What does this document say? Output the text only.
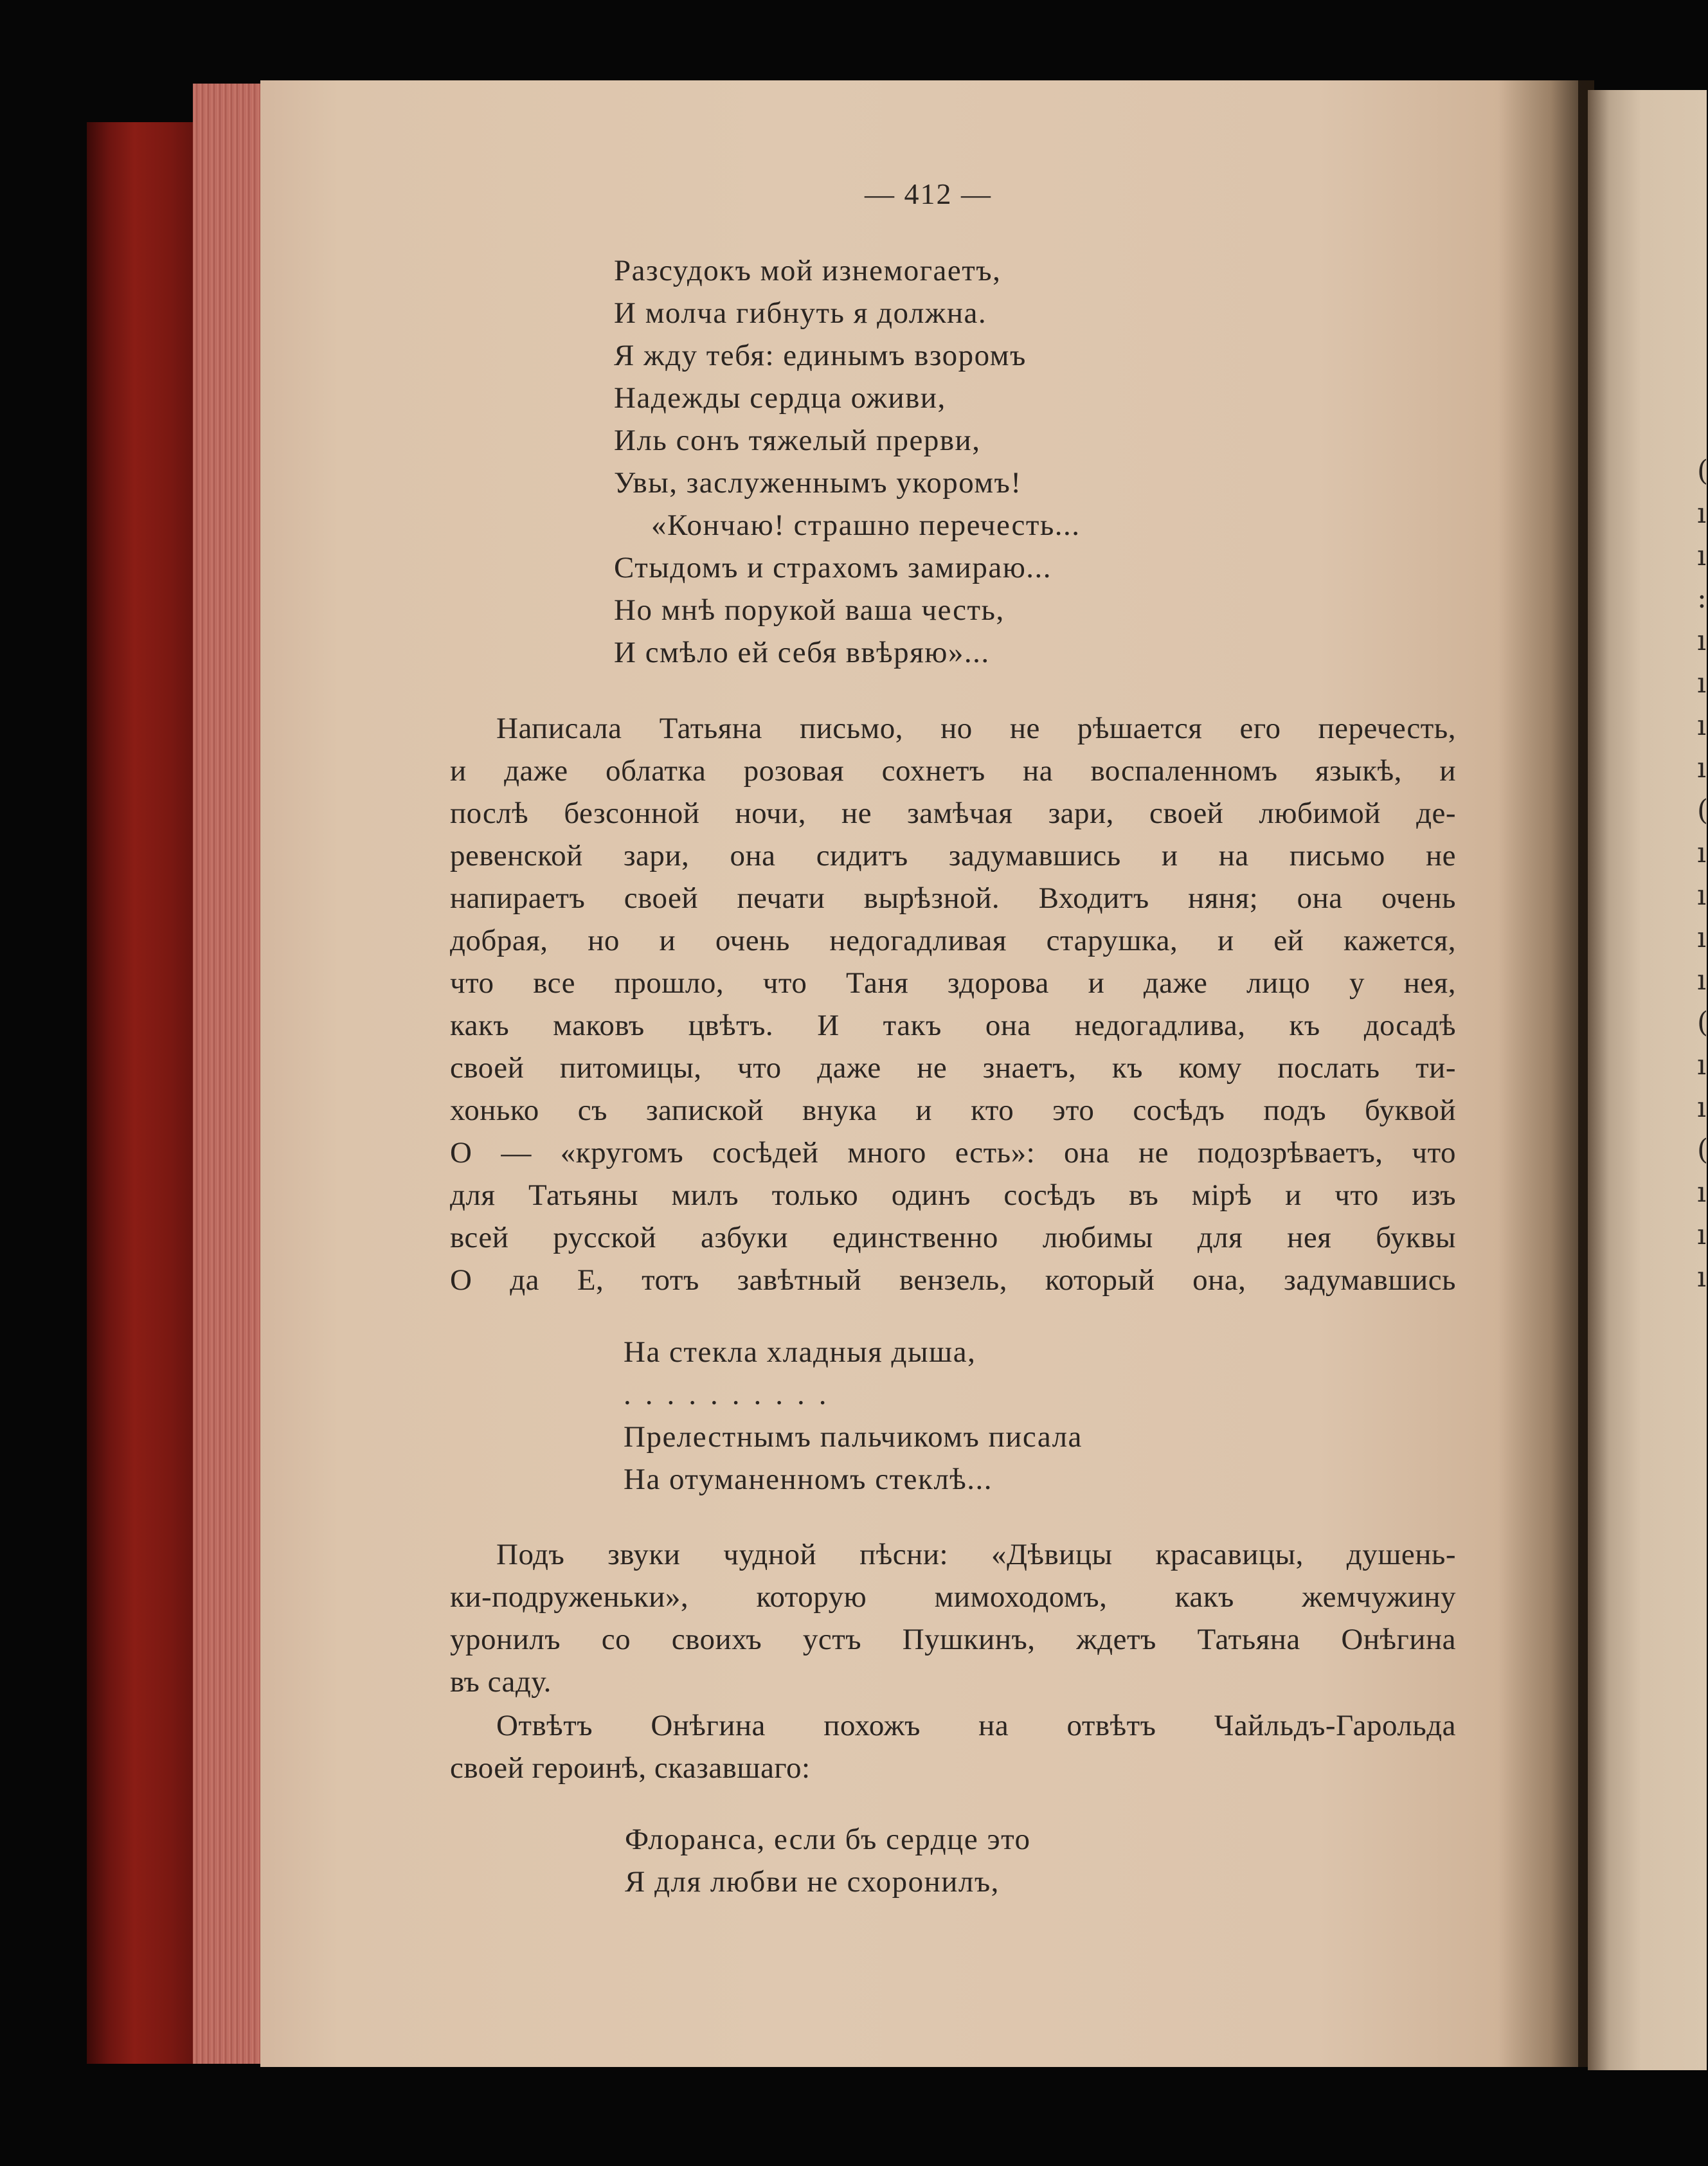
— 412 —
Разсудокъ мой изнемогаетъ,
И молча гибнуть я должна.
Я жду тебя: единымъ взоромъ
Надежды сердца оживи,
Иль сонъ тяжелый прерви,
Увы, заслуженнымъ укоромъ!
«Кончаю! страшно перечесть...
Стыдомъ и страхомъ замираю...
Но мнѣ порукой ваша честь,
И смѣло ей себя ввѣряю»...
Написала Татьяна письмо, но не рѣшается его перечесть,
и даже облатка розовая сохнетъ на воспаленномъ языкѣ, и
послѣ безсонной ночи, не замѣчая зари, своей любимой де-
ревенской зари, она сидитъ задумавшись и на письмо не
напираетъ своей печати вырѣзной. Входитъ няня; она очень
добрая, но и очень недогадливая старушка, и ей кажется,
что все прошло, что Таня здорова и даже лицо у нея,
какъ маковъ цвѣтъ. И такъ она недогадлива, къ досадѣ
своей питомицы, что даже не знаетъ, къ кому послать ти-
хонько съ запиской внука и кто это сосѣдъ подъ буквой
О — «кругомъ сосѣдей много есть»: она не подозрѣваетъ, что
для Татьяны милъ только одинъ сосѣдъ въ мірѣ и что изъ
всей русской азбуки единственно любимы для нея буквы
О да Е, тотъ завѣтный вензель, который она, задумавшись
На стекла хладныя дыша,
..........
Прелестнымъ пальчикомъ писала
На отуманенномъ стеклѣ...
Подъ звуки чудной пѣсни: «Дѣвицы красавицы, душень-
ки-подруженьки», которую мимоходомъ, какъ жемчужину
уронилъ со своихъ устъ Пушкинъ, ждетъ Татьяна Онѣгина
въ саду.
Отвѣтъ Онѣгина похожъ на отвѣтъ Чайльдъ-Гарольда
своей героинѣ, сказавшаго:
Флоранса, если бъ сердце это
Я для любви не схоронилъ,
(
ı
ı
:
ı
ı
ı
ı
(
ı
ı
ı
ı
(
ı
ı
(
ı
ı
ı
